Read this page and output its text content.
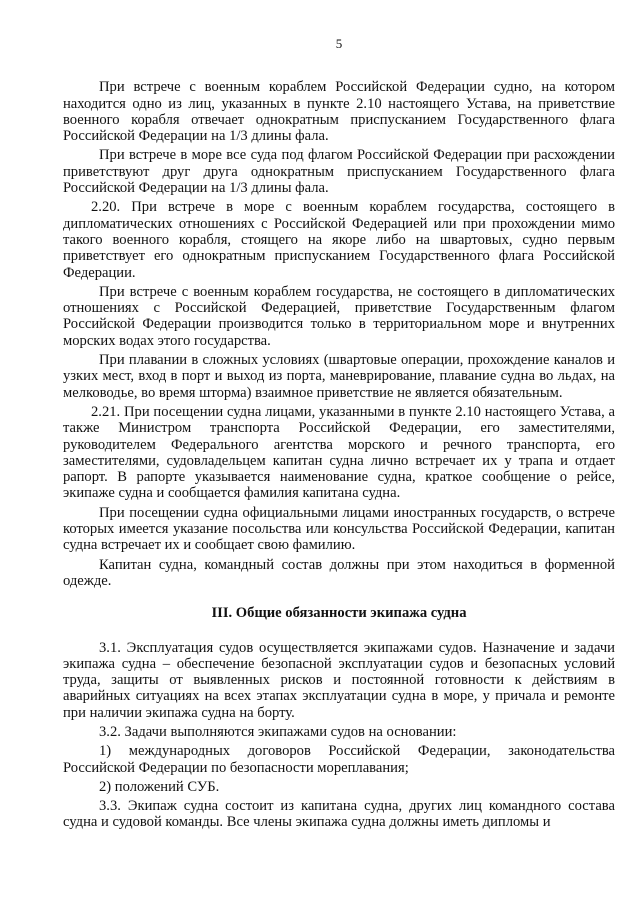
5

При встрече с военным кораблем Российской Федерации судно, на котором находится одно из лиц, указанных в пункте 2.10 настоящего Устава, на приветствие военного корабля отвечает однократным приспусканием Государственного флага Российской Федерации на 1/3 длины фала.

При встрече в море все суда под флагом Российской Федерации при расхождении приветствуют друг друга однократным приспусканием Государственного флага Российской Федерации на 1/3 длины фала.

2.20. При встрече в море с военным кораблем государства, состоящего в дипломатических отношениях с Российской Федерацией или при прохождении мимо такого военного корабля, стоящего на якоре либо на швартовых, судно первым приветствует его однократным приспусканием Государственного флага Российской Федерации.

При встрече с военным кораблем государства, не состоящего в дипломатических отношениях с Российской Федерацией, приветствие Государственным флагом Российской Федерации производится только в территориальном море и внутренних морских водах этого государства.

При плавании в сложных условиях (швартовые операции, прохождение каналов и узких мест, вход в порт и выход из порта, маневрирование, плавание судна во льдах, на мелководье, во время шторма) взаимное приветствие не является обязательным.

2.21. При посещении судна лицами, указанными в пункте 2.10 настоящего Устава, а также Министром транспорта Российской Федерации, его заместителями, руководителем Федерального агентства морского и речного транспорта, его заместителями, судовладельцем капитан судна лично встречает их у трапа и отдает рапорт. В рапорте указывается наименование судна, краткое сообщение о рейсе, экипаже судна и сообщается фамилия капитана судна.

При посещении судна официальными лицами иностранных государств, о встрече которых имеется указание посольства или консульства Российской Федерации, капитан судна встречает их и сообщает свою фамилию.

Капитан судна, командный состав должны при этом находиться в форменной одежде.

III. Общие обязанности экипажа судна

3.1. Эксплуатация судов осуществляется экипажами судов. Назначение и задачи экипажа судна – обеспечение безопасной эксплуатации судов и безопасных условий труда, защиты от выявленных рисков и постоянной готовности к действиям в аварийных ситуациях на всех этапах эксплуатации судна в море, у причала и ремонте при наличии экипажа судна на борту.

3.2. Задачи выполняются экипажами судов на основании:

1) международных договоров Российской Федерации, законодательства Российской Федерации по безопасности мореплавания;

2) положений СУБ.

3.3. Экипаж судна состоит из капитана судна, других лиц командного состава судна и судовой команды. Все члены экипажа судна должны иметь дипломы и
